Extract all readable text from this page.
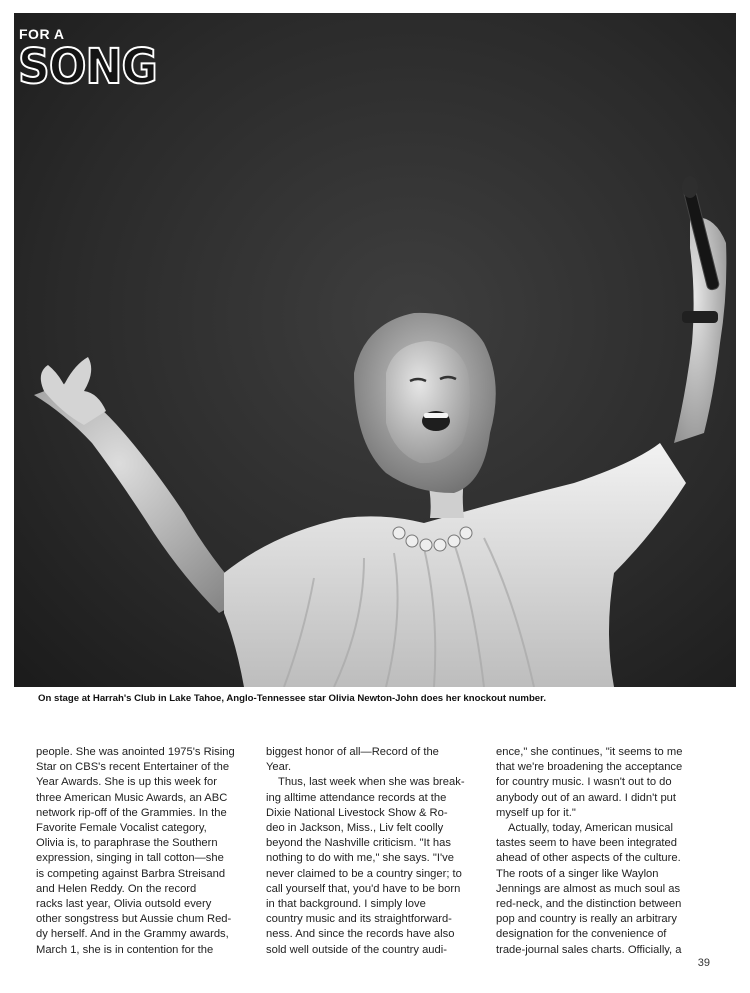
FOR A
SONG
On stage at Harrah's Club in Lake Tahoe, Anglo-Tennessee star Olivia Newton-John does her knockout number.

people. She was anointed 1975's Rising

Star on CBS's recent Entertainer of the

Year Awards. She is up this week for

three American Music Awards, an ABC

network rip-off of the Grammies. In the

Favorite Female Vocalist category,

Olivia is, to paraphrase the Southern

expression, singing in tall cotton—she

is competing against Barbra Streisand

and Helen Reddy. On the record

racks last year, Olivia outsold every

other songstress but Aussie chum Red-

dy herself. And in the Grammy awards,

March 1, she is in contention for the

biggest honor of all—Record of the

Year.

Thus, last week when she was break-

ing alltime attendance records at the

Dixie National Livestock Show & Ro-

deo in Jackson, Miss., Liv felt coolly

beyond the Nashville criticism. "It has

nothing to do with me," she says. "I've

never claimed to be a country singer; to

call yourself that, you'd have to be born

in that background. I simply love

country music and its straightforward-

ness. And since the records have also

sold well outside of the country audi-

ence," she continues, "it seems to me

that we're broadening the acceptance

for country music. I wasn't out to do

anybody out of an award. I didn't put

myself up for it."

Actually, today, American musical

tastes seem to have been integrated

ahead of other aspects of the culture.

The roots of a singer like Waylon

Jennings are almost as much soul as

red-neck, and the distinction between

pop and country is really an arbitrary

designation for the convenience of

trade-journal sales charts. Officially, a

39
